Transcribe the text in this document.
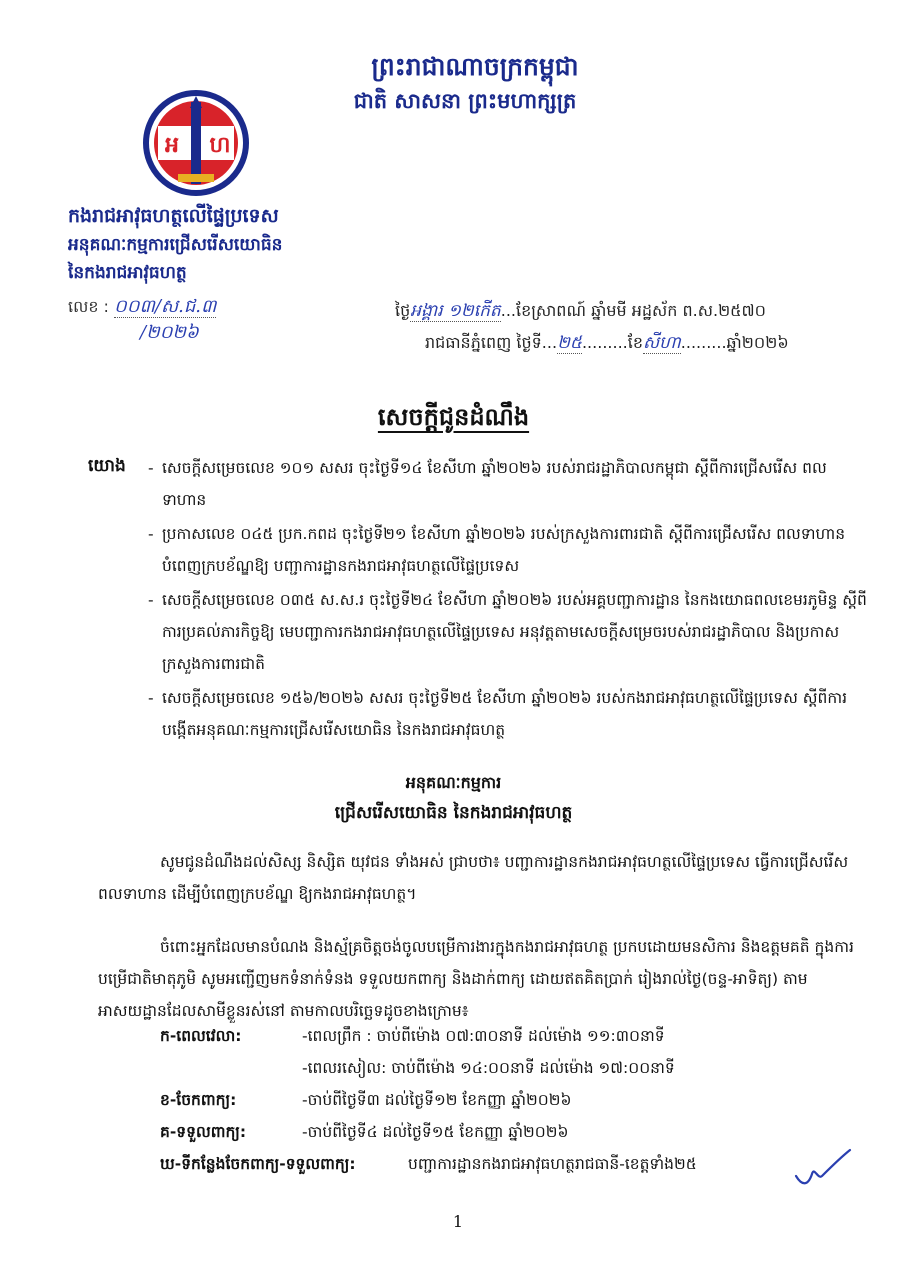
ព្រះរាជាណាចក្រកម្ពុជា
ជាតិ សាសនា ព្រះមហាក្សត្រ
អ ហ
កងរាជអាវុធហត្ថលើផ្ទៃប្រទេស
អនុគណៈកម្មការជ្រើសរើសយោធិន
នៃកងរាជអាវុធហត្ថ
លេខ : ០០៣/ស.ជ.៣
/២០២៦
ថ្ងៃអង្គារ ១២កើត...ខែស្រាពណ៍ ឆ្នាំមមី អដ្ឋស័ក ព.ស.២៥៧០
រាជធានីភ្នំពេញ ថ្ងៃទី...២៥.........ខែសីហា.........ឆ្នាំ២០២៦
សេចក្តីជូនដំណឹង
យោង
-	សេចក្តីសម្រេចលេខ ១០១ សសរ ចុះថ្ងៃទី១៤ ខែសីហា ឆ្នាំ២០២៦ របស់រាជរដ្ឋាភិបាលកម្ពុជា ស្តីពីការជ្រើសរើស ពលទាហាន
- ប្រកាសលេខ ០៤៥ ប្រក.កពដ ចុះថ្ងៃទី២១ ខែសីហា ឆ្នាំ២០២៦ របស់ក្រសួងការពារជាតិ ស្តីពីការជ្រើសរើស ពលទាហាន បំពេញក្របខ័ណ្ឌឱ្យ បញ្ជាការដ្ឋានកងរាជអាវុធហត្ថលើផ្ទៃប្រទេស
- សេចក្តីសម្រេចលេខ ០៣៥ ស.ស.រ ចុះថ្ងៃទី២៤ ខែសីហា ឆ្នាំ២០២៦ របស់អគ្គបញ្ជាការដ្ឋាន នៃកងយោធពលខេមរភូមិន្ទ ស្តីពីការប្រគល់ភារកិច្ចឱ្យ មេបញ្ជាការកងរាជអាវុធហត្ថលើផ្ទៃប្រទេស អនុវត្តតាមសេចក្តីសម្រេចរបស់រាជរដ្ឋាភិបាល និងប្រកាសក្រសួងការពារជាតិ
- សេចក្តីសម្រេចលេខ ១៥៦/២០២៦ សសរ ចុះថ្ងៃទី២៥ ខែសីហា ឆ្នាំ២០២៦ របស់កងរាជអាវុធហត្ថលើផ្ទៃប្រទេស ស្តីពីការបង្កើតអនុគណៈកម្មការជ្រើសរើសយោធិន នៃកងរាជអាវុធហត្ថ
អនុគណៈកម្មការ
ជ្រើសរើសយោធិន នៃកងរាជអាវុធហត្ថ
សូមជូនដំណឹងដល់សិស្ស និស្សិត យុវជន ទាំងអស់ ជ្រាបថា៖ បញ្ជាការដ្ឋានកងរាជអាវុធហត្ថលើផ្ទៃប្រទេស ធ្វើការជ្រើសរើស ពលទាហាន ដើម្បីបំពេញក្របខ័ណ្ឌ ឱ្យកងរាជអាវុធហត្ថ។
ចំពោះអ្នកដែលមានបំណង និងស្ម័គ្រចិត្តចង់ចូលបម្រើការងារក្នុងកងរាជអាវុធហត្ថ ប្រកបដោយមនសិការ និងឧត្តមគតិ ក្នុងការបម្រើជាតិមាតុភូមិ សូមអញ្ជើញមកទំនាក់ទំនង ទទួលយកពាក្យ និងដាក់ពាក្យ ដោយឥតគិតប្រាក់ រៀងរាល់ថ្ងៃ(ចន្ទ-អាទិត្យ) តាមអាសយដ្ឋានដែលសាមីខ្លួនរស់នៅ តាមកាលបរិច្ឆេទដូចខាងក្រោម៖
ក-ពេលវេលា:	-ពេលព្រឹក : ចាប់ពីម៉ោង ០៧:៣០នាទី ដល់ម៉ោង ១១:៣០នាទី
-ពេលរសៀល: ចាប់ពីម៉ោង ១៤:០០នាទី ដល់ម៉ោង ១៧:០០នាទី
ខ-ចែកពាក្យ:	-ចាប់ពីថ្ងៃទី៣ ដល់ថ្ងៃទី១២ ខែកញ្ញា ឆ្នាំ២០២៦
គ-ទទួលពាក្យ:	-ចាប់ពីថ្ងៃទី៤ ដល់ថ្ងៃទី១៥ ខែកញ្ញា ឆ្នាំ២០២៦
ឃ-ទីកន្លែងចែកពាក្យ-ទទួលពាក្យ:	បញ្ជាការដ្ឋានកងរាជអាវុធហត្ថរាជធានី-ខេត្តទាំង២៥
1
